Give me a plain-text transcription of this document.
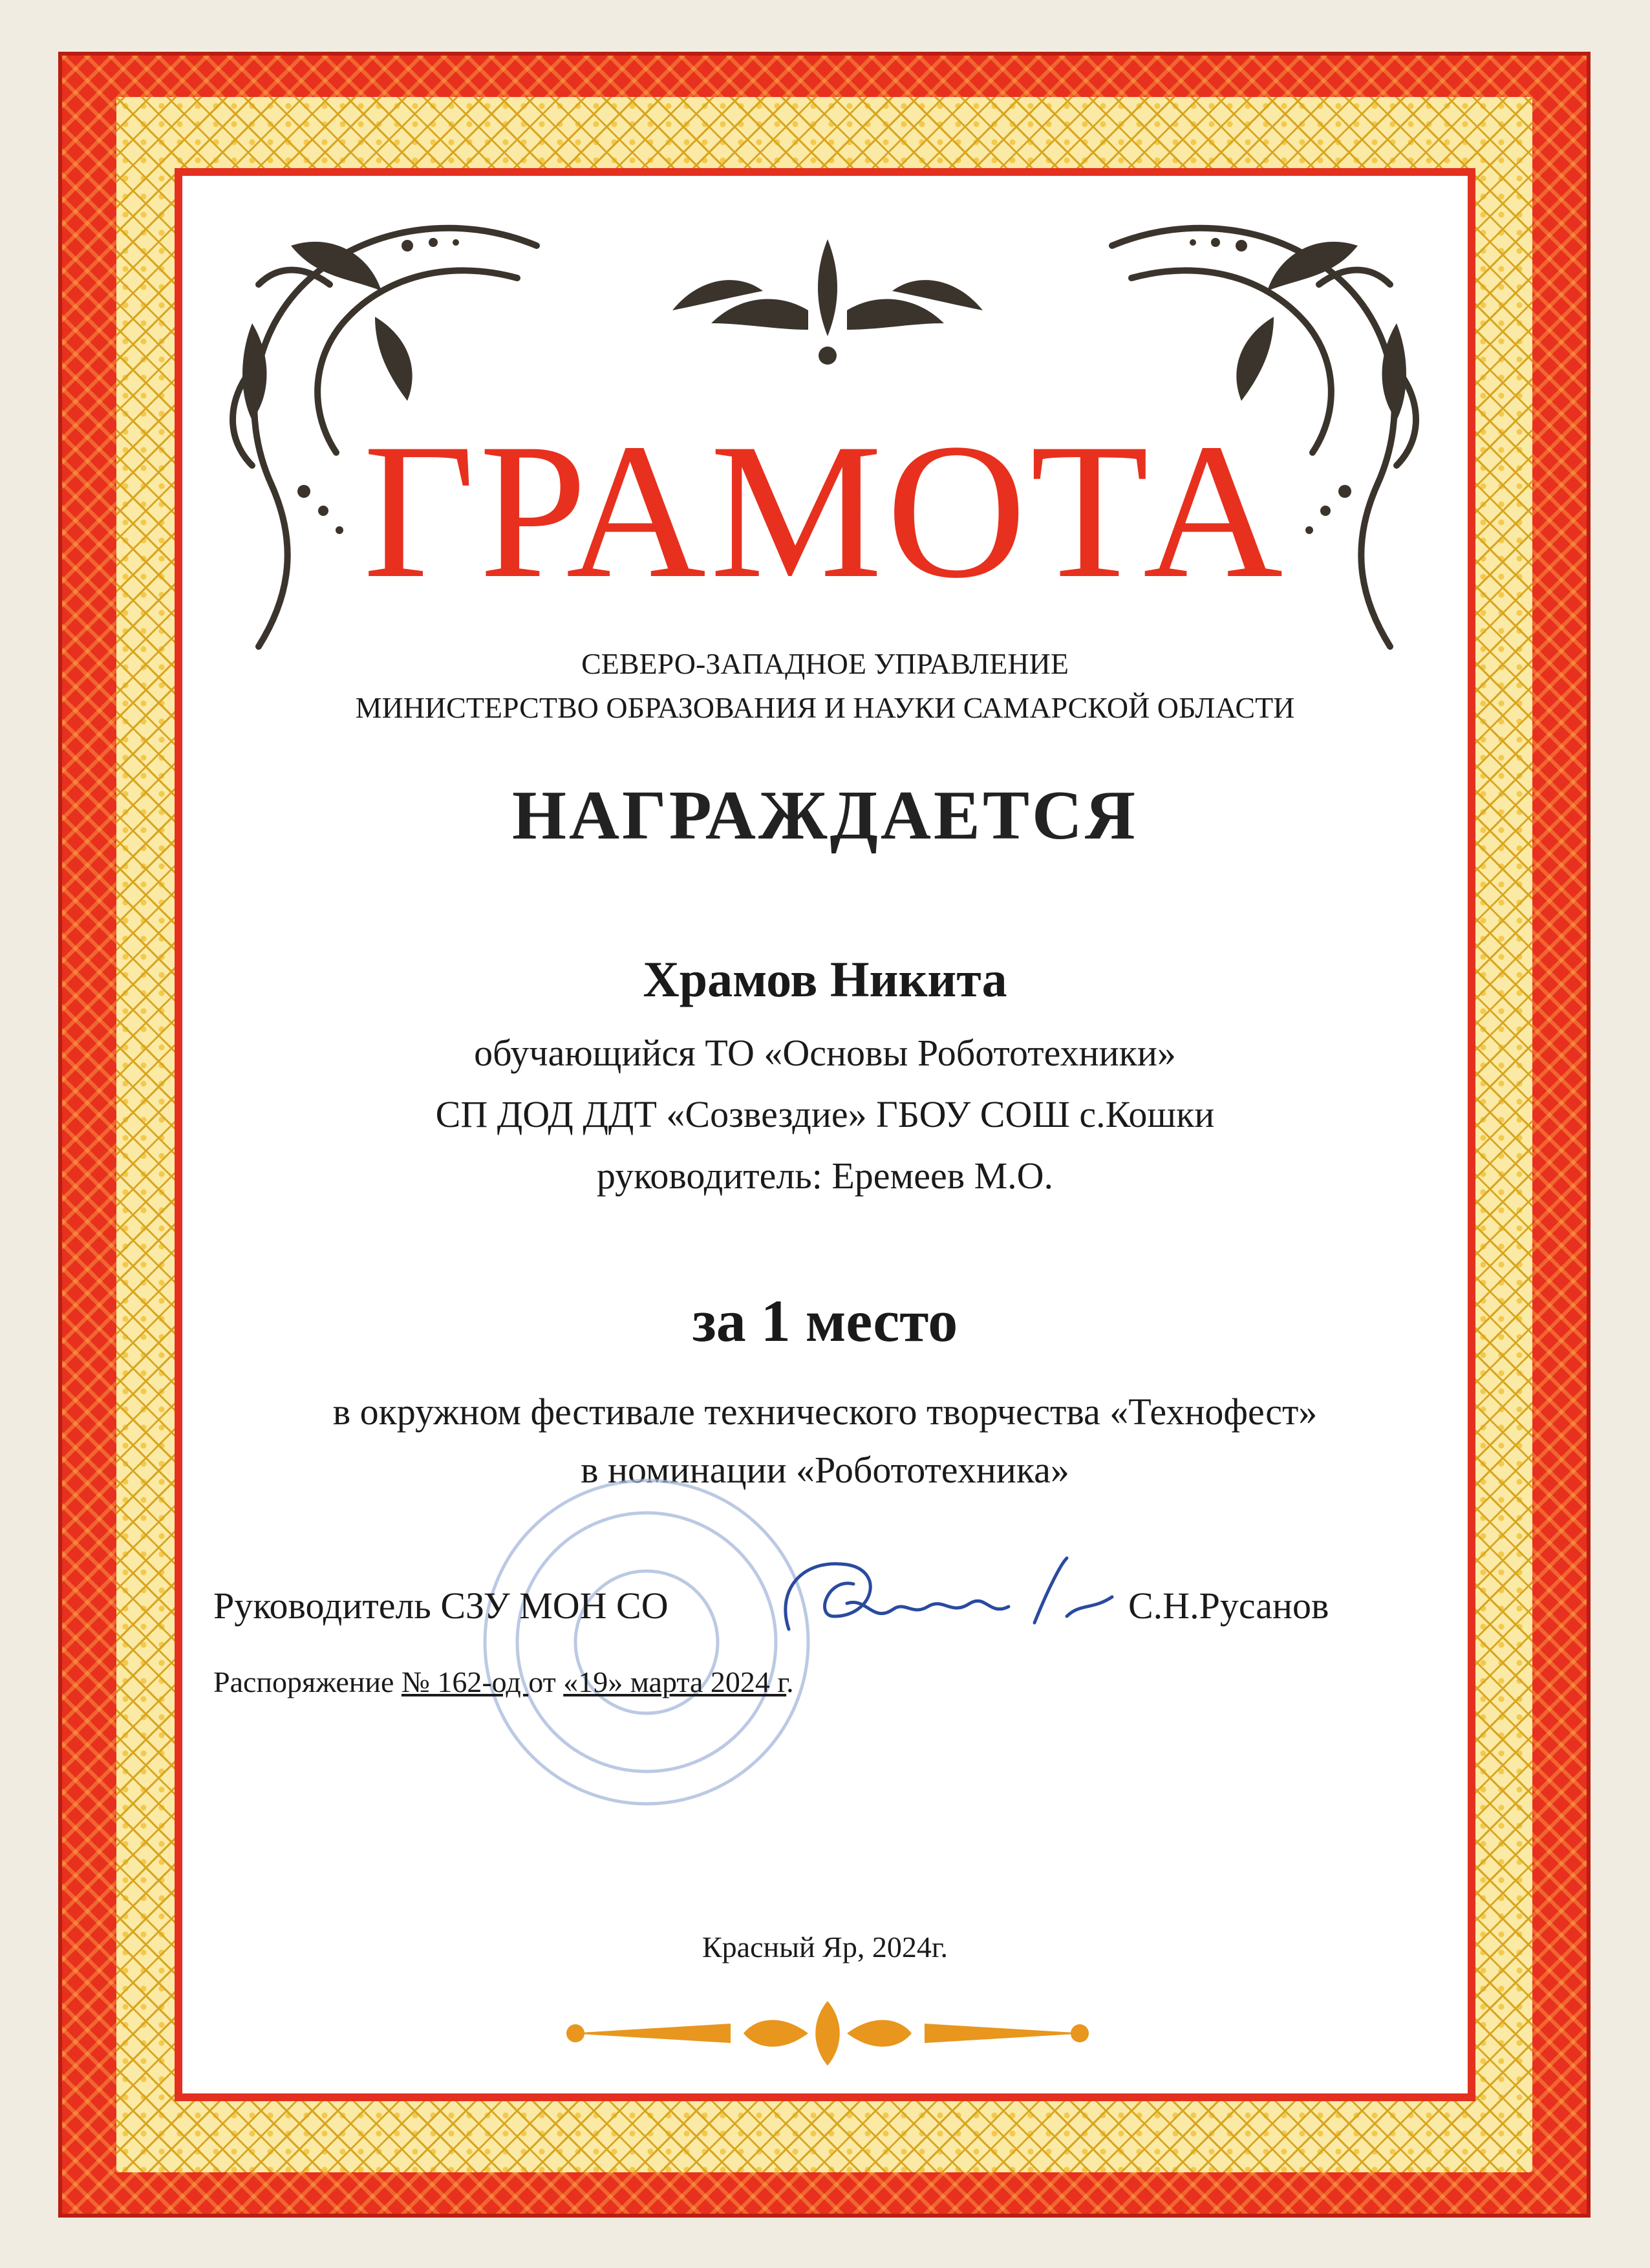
ГРАМОТА
СЕВЕРО-ЗАПАДНОЕ УПРАВЛЕНИЕ
МИНИСТЕРСТВО ОБРАЗОВАНИЯ И НАУКИ САМАРСКОЙ ОБЛАСТИ
НАГРАЖДАЕТСЯ
Храмов Никита
обучающийся ТО «Основы Робототехники»
СП ДОД ДДТ «Созвездие» ГБОУ СОШ с.Кошки
руководитель: Еремеев М.О.
за 1 место
в окружном фестивале технического творчества «Технофест»
в номинации «Робототехника»
Руководитель СЗУ МОН СО	С.Н.Русанов
Распоряжение № 162-од от «19» марта 2024 г.
Красный Яр, 2024г.
